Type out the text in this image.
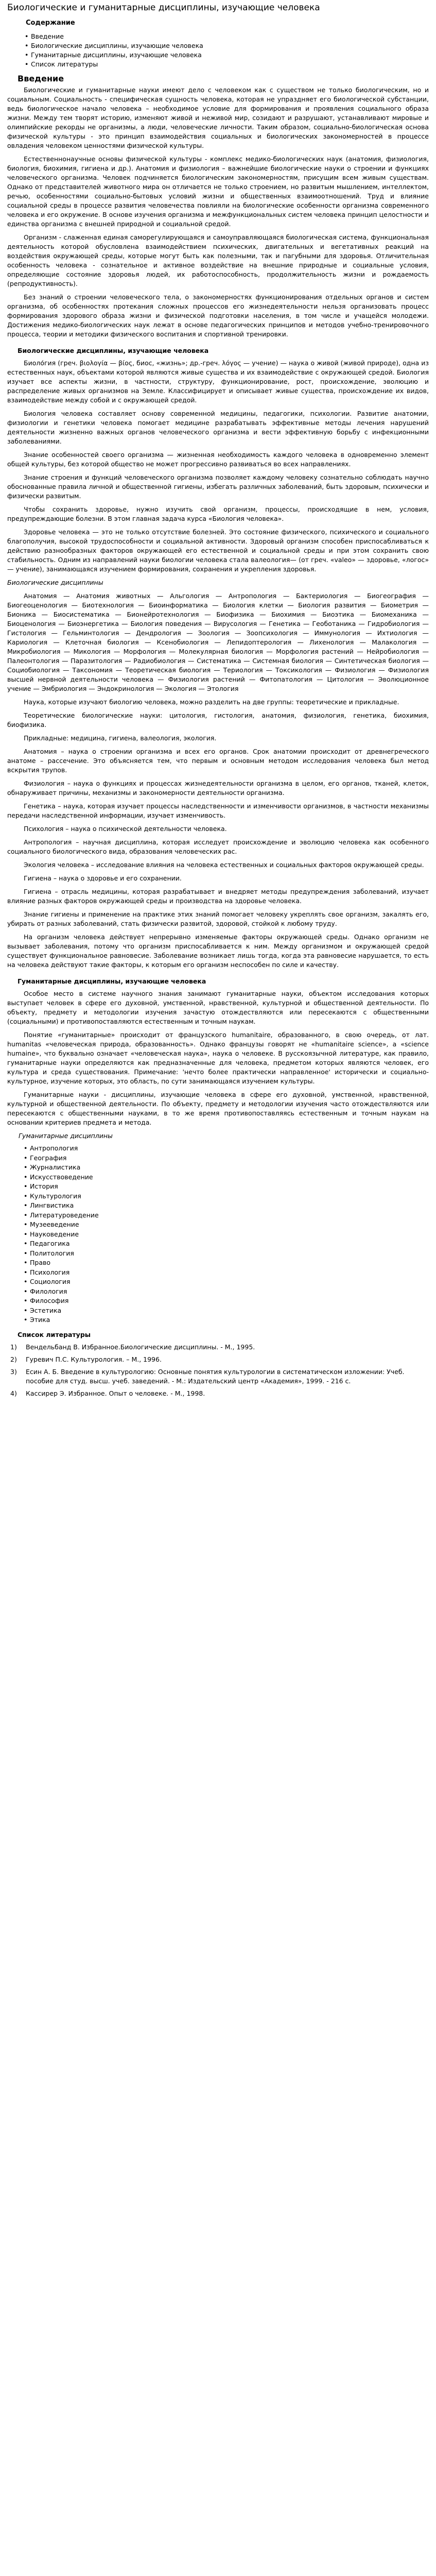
Биологические и гуманитарные дисциплины, изучающие человека
Содержание
• Введение
• Биологические дисциплины, изучающие человека
• Гуманитарные дисциплины, изучающие человека
• Список литературы
Введение

Биологические и гуманитарные науки имеют дело с человеком как с существом не только биологическим, но и социальным. Социальность - специфическая сущность человека, которая не упраздняет его биологической субстанции, ведь биологическое начало человека – необходимое условие для формирования и проявления социального образа жизни. Между тем творят историю, изменяют живой и неживой мир, созидают и разрушают, устанавливают мировые и олимпийские рекорды не организмы, а люди, человеческие личности. Таким образом, социально-биологическая основа физической культуры - это принцип взаимодействия социальных и биологических закономерностей в процессе овладения человеком ценностями физической культуры.

Естественнонаучные основы физической культуры - комплекс медико-биологических наук (анатомия, физиология, биология, биохимия, гигиена и др.). Анатомия и физиология – важнейшие биологические науки о строении и функциях человеческого организма. Человек подчиняется биологическим закономерностям, присущим всем живым существам. Однако от представителей животного мира он отличается не только строением, но развитым мышлением, интеллектом, речью, особенностями социально-бытовых условий жизни и общественных взаимоотношений. Труд и влияние социальной среды в процессе развития человечества повлияли на биологические особенности организма современного человека и его окружение. В основе изучения организма и межфункциональных систем человека принцип целостности и единства организма с внешней природной и социальной средой.

Организм - слаженная единая саморегулирующаяся и самоуправляющаяся биологическая система, функциональная деятельность которой обусловлена взаимодействием психических, двигательных и вегетативных реакций на воздействия окружающей среды, которые могут быть как полезными, так и пагубными для здоровья. Отличительная особенность человека - сознательное и активное воздействие на внешние природные и социальные условия, определяющие состояние здоровья людей, их работоспособность, продолжительность жизни и рождаемость (репродуктивность).

Без знаний о строении человеческого тела, о закономерностях функционирования отдельных органов и систем организма, об особенностях протекания сложных процессов его жизнедеятельности нельзя организовать процесс формирования здорового образа жизни и физической подготовки населения, в том числе и учащейся молодежи. Достижения медико-биологических наук лежат в основе педагогических принципов и методов учебно-тренировочного процесса, теории и методики физического воспитания и спортивной тренировки.

Биологические дисциплины, изучающие человека

Биоло́гия (греч. βιολογία — βίος, биос, «жизнь»; др.-греч. λόγος — учение) — наука о живой (живой природе), одна из естественных наук, объектами которой являются живые существа и их взаимодействие с окружающей средой. Биология изучает все аспекты жизни, в частности, структуру, функционирование, рост, происхождение, эволюцию и распределение живых организмов на Земле. Классифицирует и описывает живые существа, происхождение их видов, взаимодействие между собой и с окружающей средой.

Биология человека составляет основу современной медицины, педагогики, психологии. Развитие анатомии, физиологии и генетики человека помогает медицине разрабатывать эффективные методы лечения нарушений деятельности жизненно важных органов человеческого организма и вести эффективную борьбу с инфекционными заболеваниями.

Знание особенностей своего организма — жизненная необходимость каждого человека в одновременно элемент общей культуры, без которой общество не может прогрессивно развиваться во всех направлениях.

Знание строения и функций человеческого организма позволяет каждому человеку сознательно соблюдать научно обоснованные правила личной и общественной гигиены, избегать различных заболеваний, быть здоровым, психически и физически развитым.

Чтобы сохранить здоровье, нужно изучить свой организм, процессы, происходящие в нем, условия, предупреждающие болезни. В этом главная задача курса «Биология человека».

Здоровье человека — это не только отсутствие болезней. Это состояние физического, психического и социального благополучия, высокой трудоспособности и социальной активности. Здоровый организм способен приспосабливаться к действию разнообразных факторов окружающей его естественной и социальной среды и при этом сохранить свою стабильность. Одним из направлений науки биологии человека стала валеология— (от греч. «valeo» — здоровье, «логос» — учение), занимающаяся изучением формирования, сохранения и укрепления здоровья.

Биологические дисциплины

Анатомия — Анатомия животных — Альгология — Антропология — Бактериология — Биогеография — Биогеоценология — Биотехнология — Биоинформатика — Биология клетки — Биология развития — Биометрия — Бионика — Биосистематика — Бионейротехнология — Биофизика — Биохимия — Биоэтика — Биомеханика — Биоценология — Биоэнергетика — Биология поведения — Вирусология — Генетика — Геоботаника — Гидробиология — Гистология — Гельминтология — Дендрология — Зоология — Зоопсихология — Иммунология — Ихтиология — Кариология — Клеточная биология — Ксенобиология — Лепидоптерология — Лихенология — Малакология — Микробиология — Микология — Морфология — Молекулярная биология — Морфология растений — Нейробиология — Палеонтология — Паразитология — Радиобиология — Систематика — Системная биология — Синтетическая биология — Социобиология — Таксономия — Теоретическая биология — Териология — Токсикология — Физиология — Физиология высшей нервной деятельности человека — Физиология растений — Фитопатология — Цитология — Эволюционное учение — Эмбриология — Эндокринология — Экология — Этология

Наука, которые изучают биологию человека, можно разделить на две группы: теоретические и прикладные.

Теоретические биологические науки: цитология, гистология, анатомия, физиология, генетика, биохимия, биофизика.

Прикладные: медицина, гигиена, валеология, экология.

Анатомия – наука о строении организма и всех его органов. Срок анатомии происходит от древнегреческого анатоме – рассечение. Это объясняется тем, что первым и основным методом исследования человека был метод вскрытия трупов.

Физиология – наука о функциях и процессах жизнедеятельности организма в целом, его органов, тканей, клеток, обнаруживает причины, механизмы и закономерности деятельности организма.

Генетика – наука, которая изучает процессы наследственности и изменчивости организмов, в частности механизмы передачи наследственной информации, изучает изменчивость.

Психология – наука о психической деятельности человека.

Антропология – научная дисциплина, которая исследует происхождение и эволюцию человека как особенного социального биологического вида, образования человеческих рас.

Экология человека – исследование влияния на человека естественных и социальных факторов окружающей среды.

Гигиена – наука о здоровье и его сохранении.

Гигиена – отрасль медицины, которая разрабатывает и внедряет методы предупреждения заболеваний, изучает влияние разных факторов окружающей среды и производства на здоровье человека.

Знание гигиены и применение на практике этих знаний помогает человеку укреплять свое организм, закалять его, убирать от разных заболеваний, стать физически развитой, здоровой, стойкой к любому труду.

На организм человека действует непрерывно изменяемые факторы окружающей среды. Однако организм не вызывает заболевания, потому что организм приспосабливается к ним. Между организмом и окружающей средой существует функциональное равновесие. Заболевание возникает лишь тогда, когда эта равновесие нарушается, то есть на человека действуют такие факторы, к которым его организм неспособен по силе и качеству.

Гуманитарные дисциплины, изучающие человека

Особое место в системе научного знания занимают гуманитарные науки, объектом исследования которых выступает человек в сфере его духовной, умственной, нравственной, культурной и общественной деятельности. По объекту, предмету и методологии изучения зачастую отождествляются или пересекаются с общественными (социальными) и противопоставляются естественным и точным наукам.

Понятие «гуманитарные» происходит от французского humanitaire, образованного, в свою очередь, от лат. humanitas «человеческая природа, образованность». Однако французы говорят не «humanitaire science», а «science humaine», что буквально означает «человеческая наука», наука о человеке. В русскоязычной литературе, как правило, гуманитарные науки определяются как предназначенные для человека, предметом которых являются человек, его культура и среда существования. Примечание: 'нечто более практически направленное' исторически и социально-культурное, изучение которых, это область, по сути занимающаяся изучением культуры.

Гуманитарные науки - дисциплины, изучающие человека в сфере его духовной, умственной, нравственной, культурной и общественной деятельности. По объекту, предмету и методологии изучения часто отождествляются или пересекаются с общественными науками, в то же время противопоставляясь естественным и точным наукам на основании критериев предмета и метода.

Гуманитарные дисциплины
• Антропология
• География
• Журналистика
• Искусствоведение
• История
• Культурология
• Лингвистика
• Литературоведение
• Музееведение
• Науковедение
• Педагогика
• Политология
• Право
• Психология
• Социология
• Филология
• Философия
• Эстетика
• Этика
Список литературы
1) Вендельбанд В. Избранное.Биологические дисциплины. - М., 1995.
2) Гуревич П.С. Культурология. – М., 1996.
3) Есин А. Б. Введение в культурологию: Основные понятия культурологии в систематическом изложении: Учеб. пособие для студ. высш. учеб. заведений. - М.: Издательский центр «Академия», 1999. - 216 с.
4) Кассирер Э. Избранное. Опыт о человеке. - М., 1998.
